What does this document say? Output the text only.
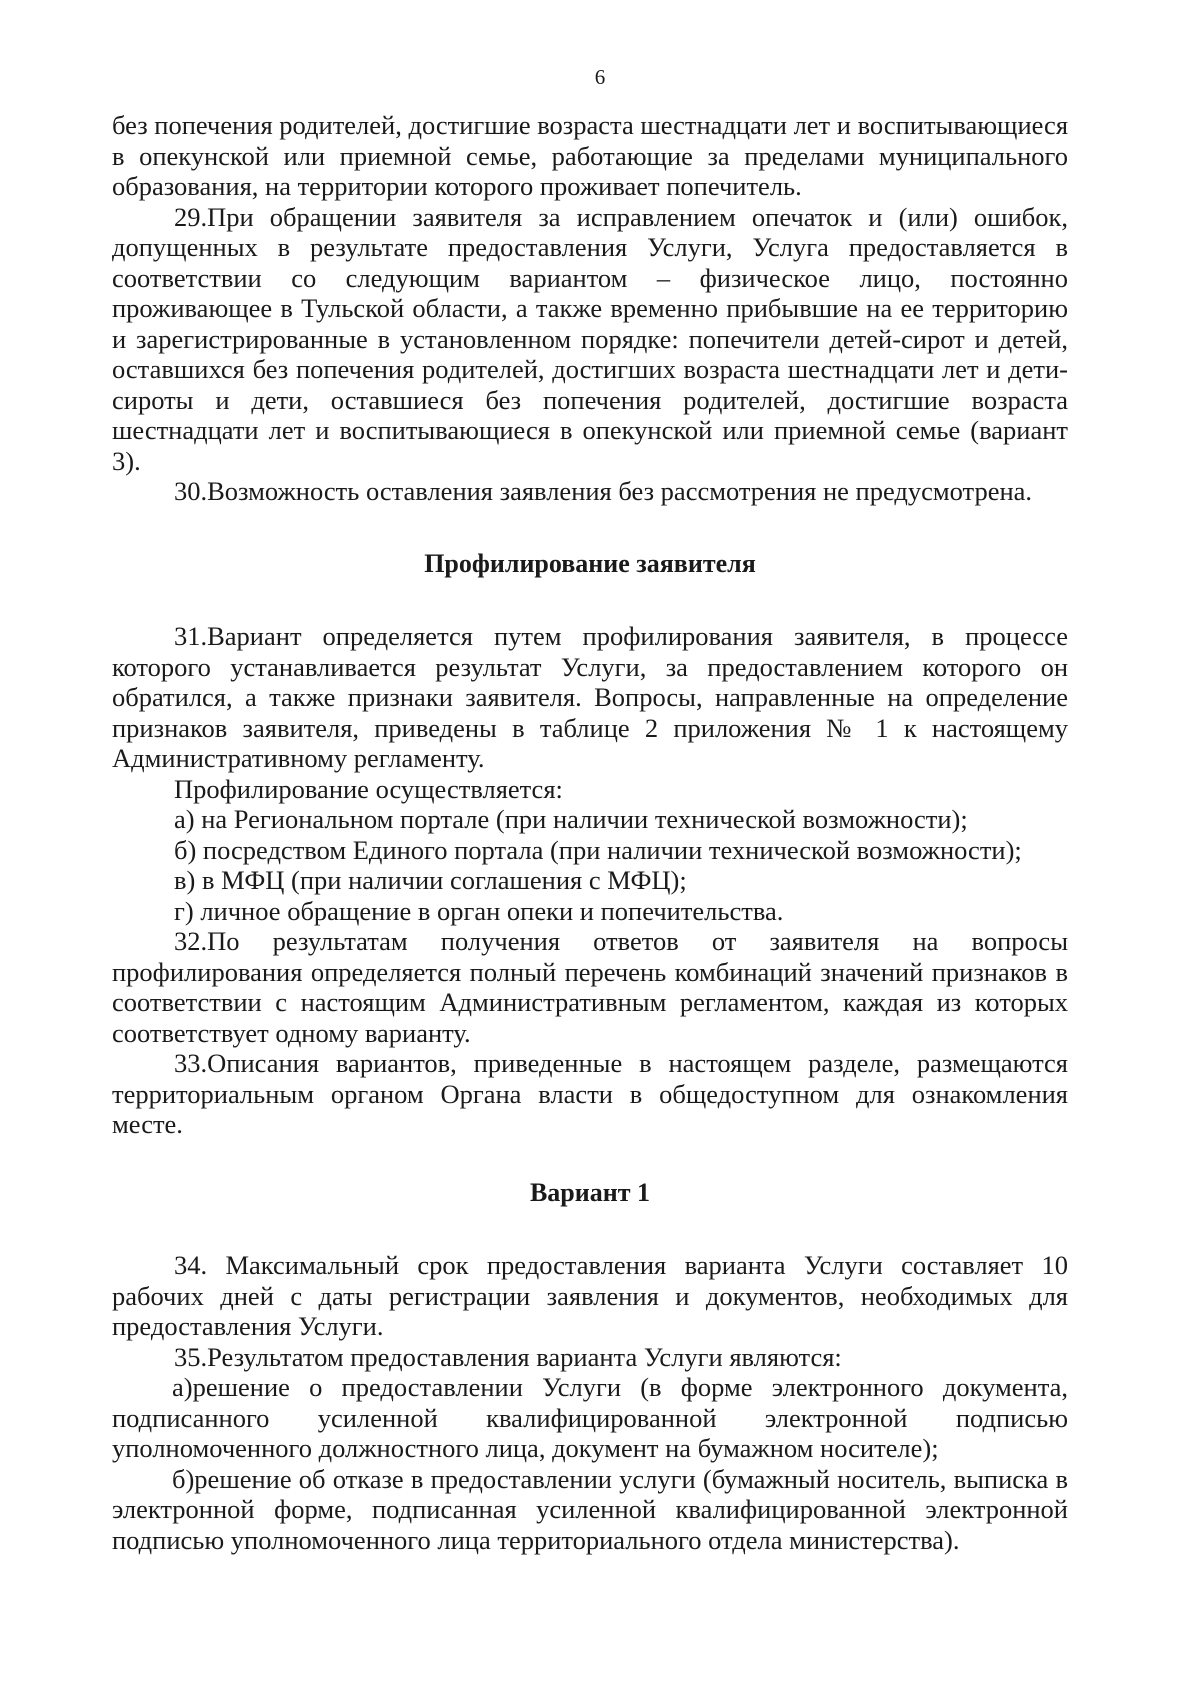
6

без попечения родителей, достигшие возраста шестнадцати лет и воспитывающиеся в опекунской или приемной семье, работающие за пределами муниципального образования, на территории которого проживает попечитель.

29.При обращении заявителя за исправлением опечаток и (или) ошибок, допущенных в результате предоставления Услуги, Услуга предоставляется в соответствии со следующим вариантом – физическое лицо, постоянно проживающее в Тульской области, а также временно прибывшие на ее территорию и зарегистрированные в установленном порядке: попечители детей-сирот и детей, оставшихся без попечения родителей, достигших возраста шестнадцати лет и дети-сироты и дети, оставшиеся без попечения родителей, достигшие возраста шестнадцати лет и воспитывающиеся в опекунской или приемной семье (вариант 3).

30.Возможность оставления заявления без рассмотрения не предусмотрена.

Профилирование заявителя

31.Вариант определяется путем профилирования заявителя, в процессе которого устанавливается результат Услуги, за предоставлением которого он обратился, а также признаки заявителя. Вопросы, направленные на определение признаков заявителя, приведены в таблице 2 приложения № 1 к настоящему Административному регламенту.

Профилирование осуществляется:

а) на Региональном портале (при наличии технической возможности);

б) посредством Единого портала (при наличии технической возможности);

в) в МФЦ (при наличии соглашения с МФЦ);

г) личное обращение в орган опеки и попечительства.

32.По результатам получения ответов от заявителя на вопросы профилирования определяется полный перечень комбинаций значений признаков в соответствии с настоящим Административным регламентом, каждая из которых соответствует одному варианту.

33.Описания вариантов, приведенные в настоящем разделе, размещаются территориальным органом Органа власти в общедоступном для ознакомления месте.

Вариант 1

34. Максимальный срок предоставления варианта Услуги составляет 10 рабочих дней с даты регистрации заявления и документов, необходимых для предоставления Услуги.

35.Результатом предоставления варианта Услуги являются:

а)решение о предоставлении Услуги (в форме электронного документа, подписанного усиленной квалифицированной электронной подписью уполномоченного должностного лица, документ на бумажном носителе);

б)решение об отказе в предоставлении услуги (бумажный носитель, выписка в электронной форме, подписанная усиленной квалифицированной электронной подписью уполномоченного лица территориального отдела министерства).
